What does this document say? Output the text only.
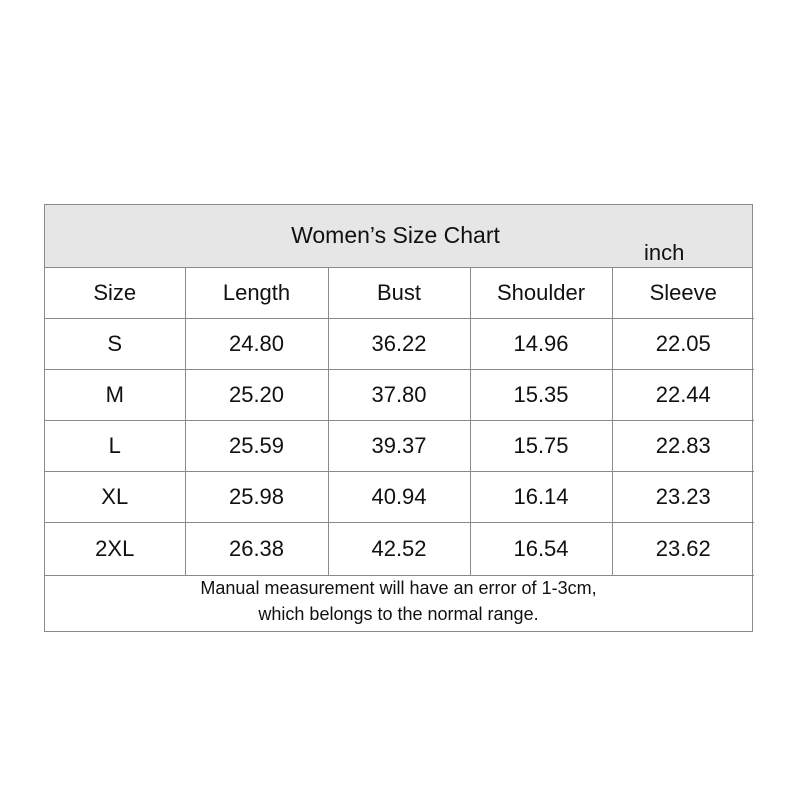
Women’s Size Chart
inch
Size	Length	Bust	Shoulder	Sleeve
S	24.80	36.22	14.96	22.05
M	25.20	37.80	15.35	22.44
L	25.59	39.37	15.75	22.83
XL	25.98	40.94	16.14	23.23
2XL	26.38	42.52	16.54	23.62
Manual measurement will have an error of 1-3cm,
which belongs to the normal range.
